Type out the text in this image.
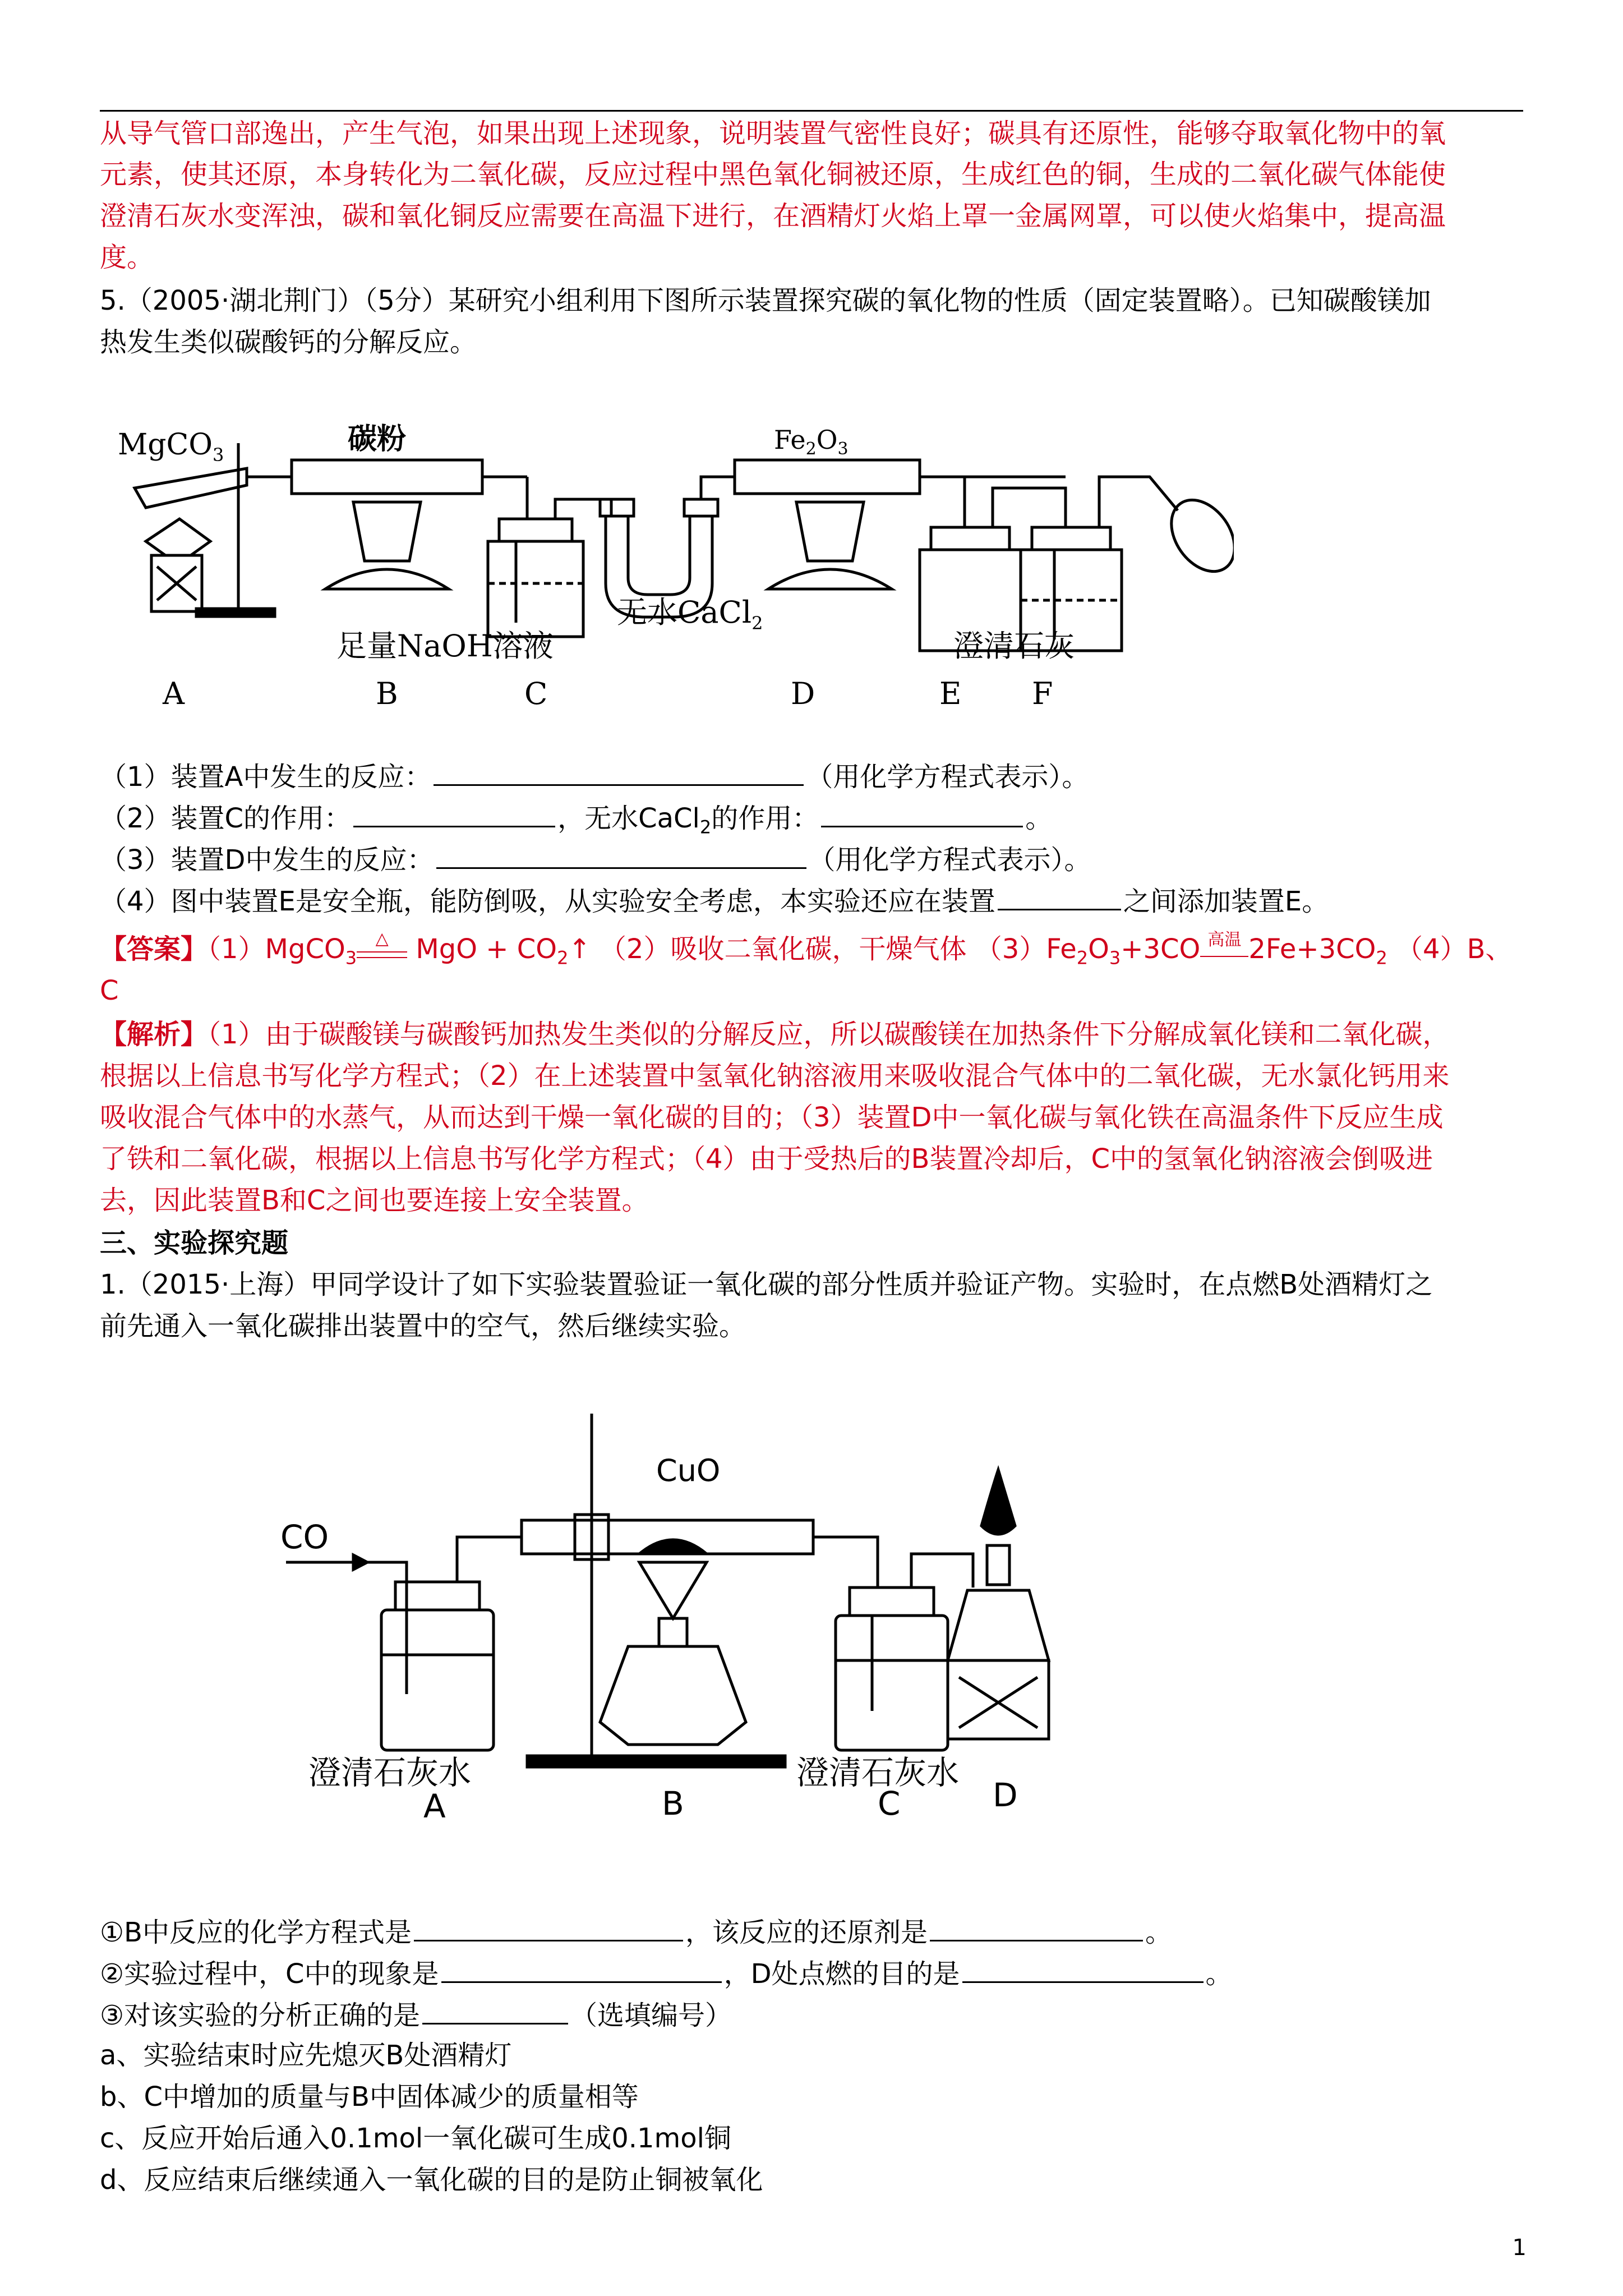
从导气管口部逸出，产生气泡，如果出现上述现象，说明装置气密性良好；碳具有还原性，能够夺取氧化物中的氧
元素，使其还原，本身转化为二氧化碳，反应过程中黑色氧化铜被还原，生成红色的铜，生成的二氧化碳气体能使
澄清石灰水变浑浊，碳和氧化铜反应需要在高温下进行，在酒精灯火焰上罩一金属网罩，可以使火焰集中，提高温
度。
5.（2005·湖北荆门）（5分）某研究小组利用下图所示装置探究碳的氧化物的性质（固定装置略）。已知碳酸镁加
热发生类似碳酸钙的分解反应。
MgCO$_3$	碳粉	$Fe_2O_3$
足量NaOH溶液
无水CaCl$_2$
澄清石灰
A	B	C	D	E F
（1）装置A中发生的反应：	（用化学方程式表示）。
（2）装置C的作用：	，无水CaCl$_2$的作用：	。
（3）装置D中发生的反应：	（用化学方程式表示）。
（4）图中装置E是安全瓶，能防倒吸，从实验安全考虑，本实验还应在装置	之间添加装置E。
【答案】（1）MgCO$_3$
△ MgO + $CO_2↑$ （2）吸收二氧化碳，干燥气体 $(3)Fe_2O_3+3CO$ 高温 $2Fe+3CO_2$ （4）B、
C
【解析】（1）由于碳酸镁与碳酸钙加热发生类似的分解反应，所以碳酸镁在加热条件下分解成氧化镁和二氧化碳，
根据以上信息书写化学方程式；（2）在上述装置中氢氧化钠溶液用来吸收混合气体中的二氧化碳，无水氯化钙用来
吸收混合气体中的水蒸气，从而达到干燥一氧化碳的目的；（3）装置D中一氧化碳与氧化铁在高温条件下反应生成
了铁和二氧化碳，根据以上信息书写化学方程式；（4）由于受热后的B装置冷却后，C中的氢氧化钠溶液会倒吸进
去，因此装置B和C之间也要连接上安全装置。
三、实验探究题
1.（2015·上海）甲同学设计了如下实验装置验证一氧化碳的部分性质并验证产物。实验时，在点燃B处酒精灯之
前先通入一氧化碳排出装置中的空气，然后继续实验。
CO
CuO
澄清石灰水	澄清石灰水
A	B	C	D
①B中反应的化学方程式是	，该反应的还原剂是	。
②实验过程中，C中的现象是	，D处点燃的目的是	。
③对该实验的分析正确的是	（选填编号）
a、实验结束时应先熄灭B处酒精灯
b、C中增加的质量与B中固体减少的质量相等
c、反应开始后通入0.1mol一氧化碳可生成0.1mol铜
d、反应结束后继续通入一氧化碳的目的是防止铜被氧化
1
